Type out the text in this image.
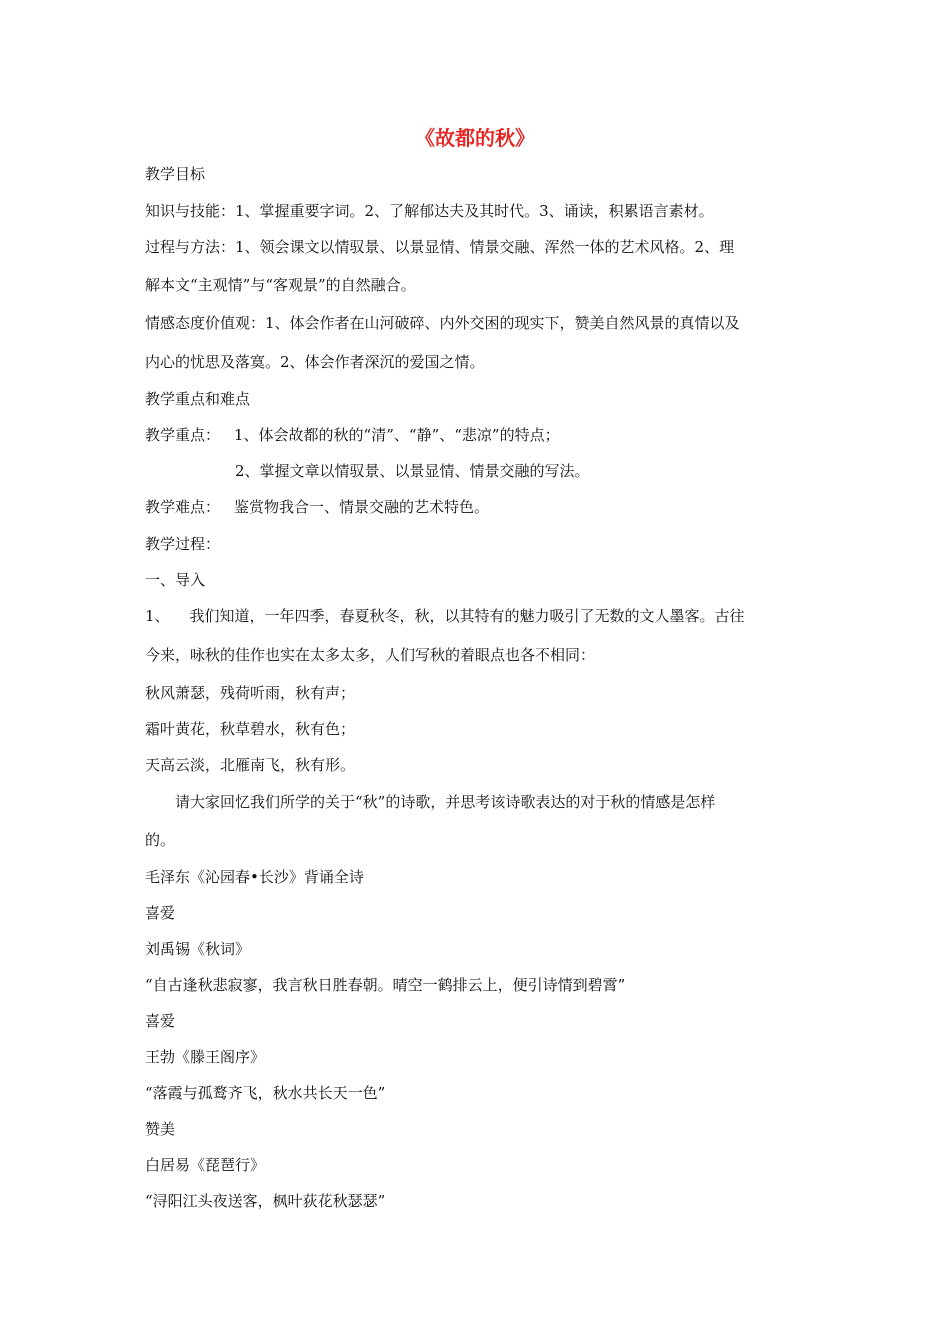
《故都的秋》
教学目标
知识与技能：1、掌握重要字词。2、了解郁达夫及其时代。3、诵读，积累语言素材。
过程与方法：1、领会课文以情驭景、以景显情、情景交融、浑然一体的艺术风格。2、理
解本文“主观情”与“客观景”的自然融合。
情感态度价值观：1、体会作者在山河破碎、内外交困的现实下，赞美自然风景的真情以及
内心的忧思及落寞。2、体会作者深沉的爱国之情。
教学重点和难点
教学重点： 1、体会故都的秋的“清”、“静”、“悲凉”的特点；
2、掌握文章以情驭景、以景显情、情景交融的写法。
教学难点： 鉴赏物我合一、情景交融的艺术特色。
教学过程：
一、导入
1、 我们知道，一年四季，春夏秋冬，秋，以其特有的魅力吸引了无数的文人墨客。古往
今来，咏秋的佳作也实在太多太多，人们写秋的着眼点也各不相同：
秋风萧瑟，残荷听雨，秋有声；
霜叶黄花，秋草碧水，秋有色；
天高云淡，北雁南飞，秋有形。
请大家回忆我们所学的关于“秋”的诗歌，并思考该诗歌表达的对于秋的情感是怎样
的。
毛泽东《沁园春•长沙》背诵全诗
喜爱
刘禹锡《秋词》
“自古逢秋悲寂寥，我言秋日胜春朝。晴空一鹤排云上，便引诗情到碧霄”
喜爱
王勃《滕王阁序》
“落霞与孤鹜齐飞，秋水共长天一色”
赞美
白居易《琵琶行》
“浔阳江头夜送客，枫叶荻花秋瑟瑟”
